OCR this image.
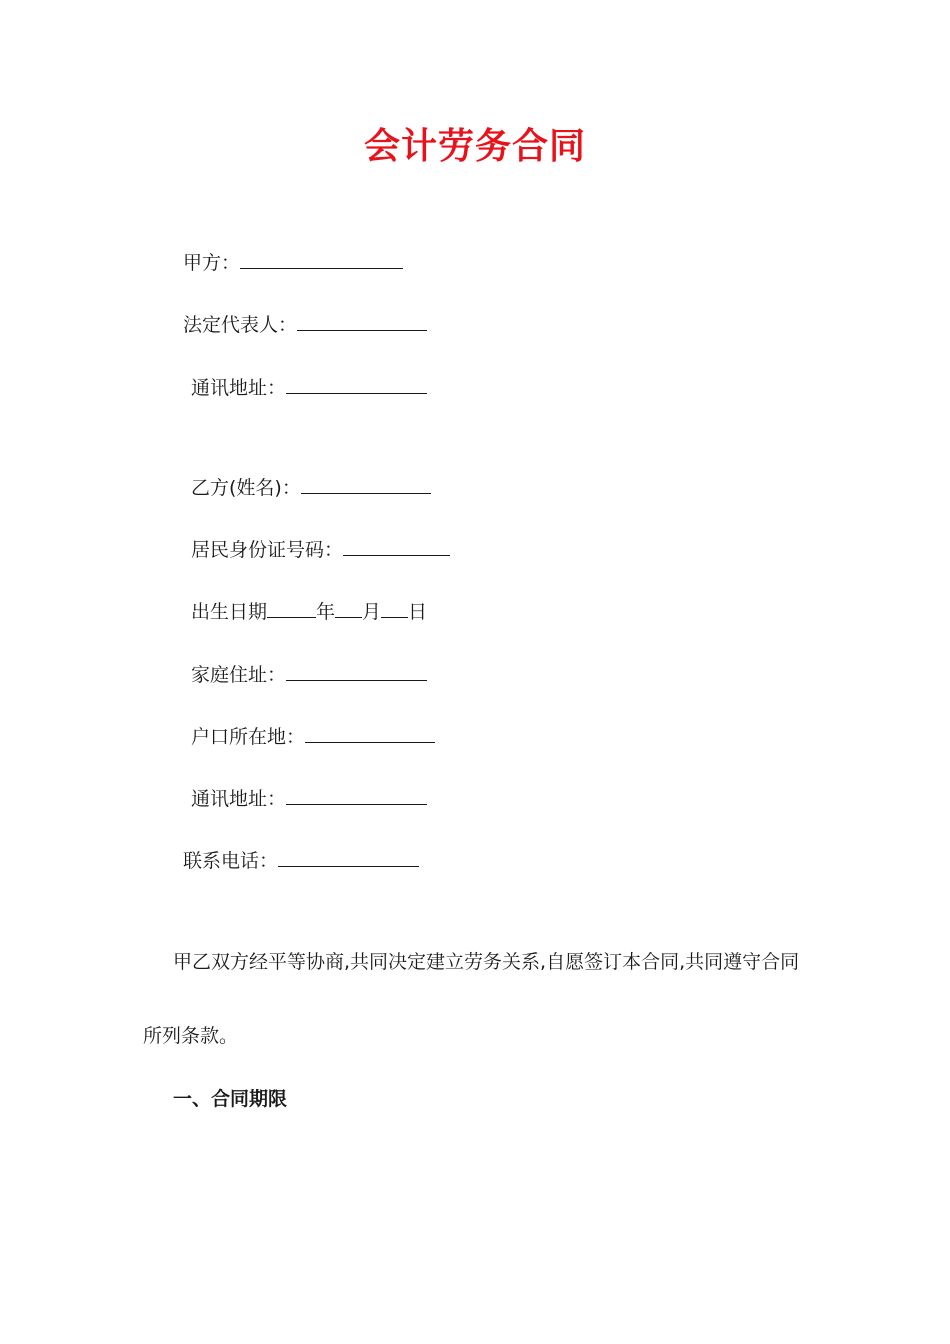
会计劳务合同
甲方：
法定代表人：
通讯地址：
乙方(姓名)：
居民身份证号码：
出生日期	年 月 日
家庭住址：
户口所在地：
通讯地址：
联系电话：
甲乙双方经平等协商,共同决定建立劳务关系,自愿签订本合同,共同遵守合同
所列条款。
一、合同期限
